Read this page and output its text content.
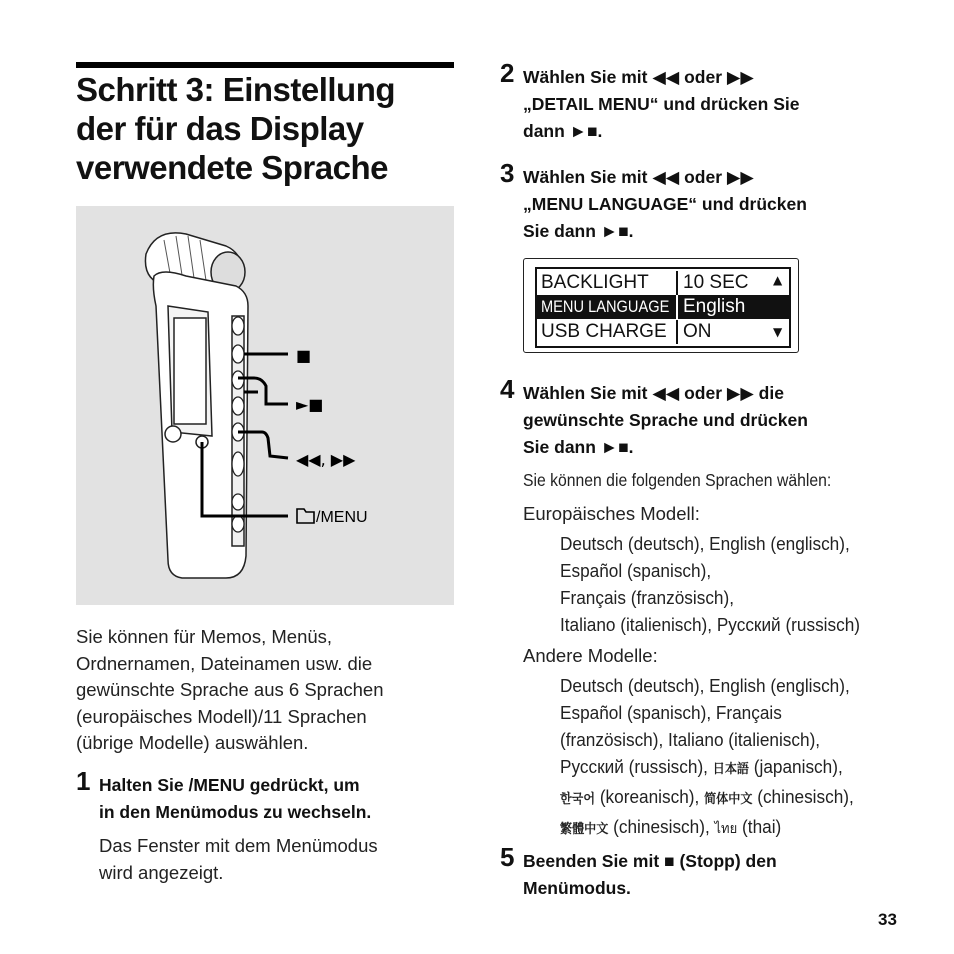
Schritt 3: Einstellung
der für das Display
verwendete Sprache
■
►■
◀◀, ▶▶
/MENU
Sie können für Memos, Menüs,
Ordnernamen, Dateinamen usw. die
gewünschte Sprache aus 6 Sprachen
(europäisches Modell)/11 Sprachen
(übrige Modelle) auswählen.
1 Halten Sie /MENU gedrückt, um
in den Menümodus zu wechseln.
Das Fenster mit dem Menümodus
wird angezeigt.
2 Wählen Sie mit ◀◀ oder ▶▶
„DETAIL MENU“ und drücken Sie
dann ►■.
3 Wählen Sie mit ◀◀ oder ▶▶
„MENU LANGUAGE“ und drücken
Sie dann ►■.
BACKLIGHT 10 SEC ▲
MENU LANGUAGE English
USB CHARGE ON	▼
4 Wählen Sie mit ◀◀ oder ▶▶ die
gewünschte Sprache und drücken
Sie dann ►■.
Sie können die folgenden Sprachen wählen:
Europäisches Modell:
Deutsch (deutsch), English (englisch),
Español (spanisch),
Français (französisch),
Italiano (italienisch), Русский (russisch)
Andere Modelle:
Deutsch (deutsch), English (englisch),
Español (spanisch), Français
(französisch), Italiano (italienisch),
Русский (russisch), 日本語 (japanisch),
한국어 (koreanisch), 简体中文 (chinesisch),
繁體中文 (chinesisch), ไทย (thai)
5 Beenden Sie mit ■ (Stopp) den
Menümodus.
33
